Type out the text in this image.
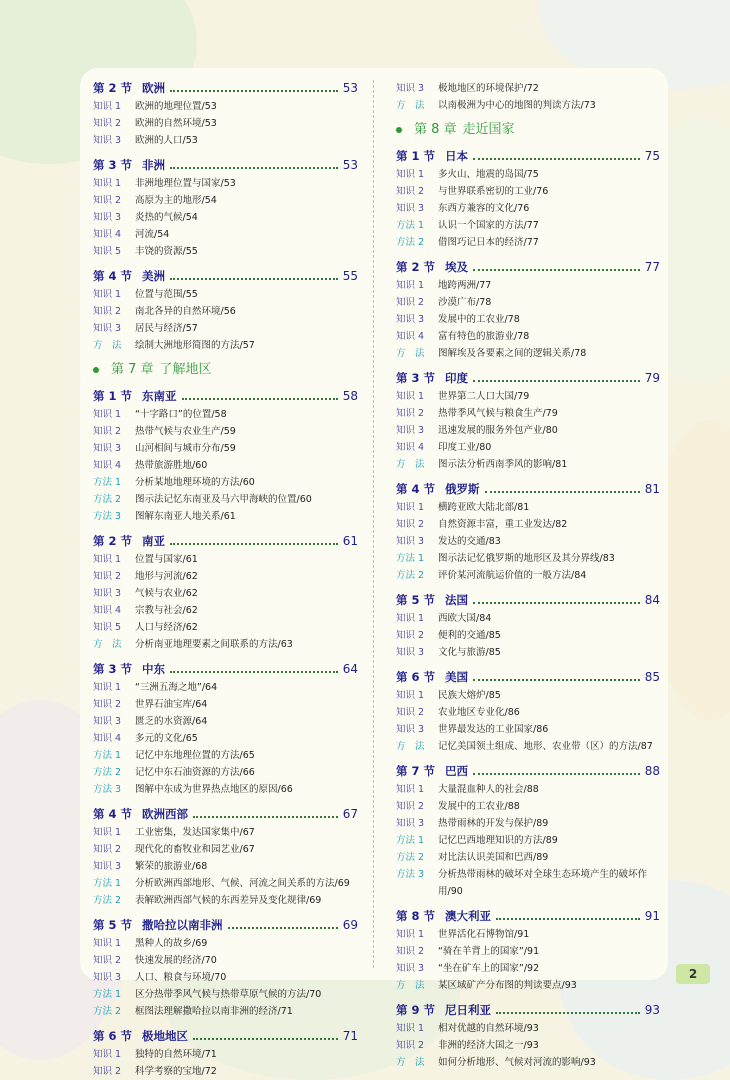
第 2 节 欧洲	53
知识 1	欧洲的地理位置/53
知识 2	欧洲的自然环境/53
知识 3	欧洲的人口/53
第 3 节 非洲	53
知识 1	非洲地理位置与国家/53
知识 2	高原为主的地形/54
知识 3	炎热的气候/54
知识 4	河流/54
知识 5	丰饶的资源/55
第 4 节 美洲	55
知识 1	位置与范围/55
知识 2	南北各异的自然环境/56
知识 3	居民与经济/57
方　法	绘制大洲地形简图的方法/57
第 7 章 了解地区
第 1 节 东南亚	58
知识 1	“十字路口”的位置/58
知识 2	热带气候与农业生产/59
知识 3	山河相间与城市分布/59
知识 4	热带旅游胜地/60
方法 1	分析某地地理环境的方法/60
方法 2	图示法记忆东南亚及马六甲海峡的位置/60
方法 3	图解东南亚人地关系/61
第 2 节 南亚	61
知识 1	位置与国家/61
知识 2	地形与河流/62
知识 3	气候与农业/62
知识 4	宗教与社会/62
知识 5	人口与经济/62
方　法	分析南亚地理要素之间联系的方法/63
第 3 节 中东	64
知识 1	“三洲五海之地”/64
知识 2	世界石油宝库/64
知识 3	匮乏的水资源/64
知识 4	多元的文化/65
方法 1	记忆中东地理位置的方法/65
方法 2	记忆中东石油资源的方法/66
方法 3	图解中东成为世界热点地区的原因/66
第 4 节 欧洲西部	67
知识 1	工业密集，发达国家集中/67
知识 2	现代化的畜牧业和园艺业/67
知识 3	繁荣的旅游业/68
方法 1	分析欧洲西部地形、气候、河流之间关系的方法/69
方法 2	表解欧洲西部气候的东西差异及变化规律/69
第 5 节 撒哈拉以南非洲	69
知识 1	黑种人的故乡/69
知识 2	快速发展的经济/70
知识 3	人口、粮食与环境/70
方法 1	区分热带季风气候与热带草原气候的方法/70
方法 2	框图法理解撒哈拉以南非洲的经济/71
第 6 节 极地地区	71
知识 1	独特的自然环境/71
知识 2	科学考察的宝地/72
知识 3	极地地区的环境保护/72
方　法	以南极洲为中心的地图的判读方法/73
第 8 章 走近国家
第 1 节 日本	75
知识 1	多火山、地震的岛国/75
知识 2	与世界联系密切的工业/76
知识 3	东西方兼容的文化/76
方法 1	认识一个国家的方法/77
方法 2	借图巧记日本的经济/77
第 2 节 埃及	77
知识 1	地跨两洲/77
知识 2	沙漠广布/78
知识 3	发展中的工农业/78
知识 4	富有特色的旅游业/78
方　法	图解埃及各要素之间的逻辑关系/78
第 3 节 印度	79
知识 1	世界第二人口大国/79
知识 2	热带季风气候与粮食生产/79
知识 3	迅速发展的服务外包产业/80
知识 4	印度工业/80
方　法	图示法分析西南季风的影响/81
第 4 节 俄罗斯	81
知识 1	横跨亚欧大陆北部/81
知识 2	自然资源丰富，重工业发达/82
知识 3	发达的交通/83
方法 1	图示法记忆俄罗斯的地形区及其分界线/83
方法 2	评价某河流航运价值的一般方法/84
第 5 节 法国	84
知识 1	西欧大国/84
知识 2	便利的交通/85
知识 3	文化与旅游/85
第 6 节 美国	85
知识 1	民族大熔炉/85
知识 2	农业地区专业化/86
知识 3	世界最发达的工业国家/86
方　法	记忆美国领土组成、地形、农业带（区）的方法/87
第 7 节 巴西	88
知识 1	大量混血种人的社会/88
知识 2	发展中的工农业/88
知识 3	热带雨林的开发与保护/89
方法 1	记忆巴西地理知识的方法/89
方法 2	对比法认识美国和巴西/89
方法 3	分析热带雨林的破坏对全球生态环境产生的破坏作用/90
第 8 节 澳大利亚	91
知识 1	世界活化石博物馆/91
知识 2	“骑在羊背上的国家”/91
知识 3	“坐在矿车上的国家”/92
方　法	某区域矿产分布图的判读要点/93
第 9 节 尼日利亚	93
知识 1	相对优越的自然环境/93
知识 2	非洲的经济大国之一/93
方　法	如何分析地形、气候对河流的影响/93
2
